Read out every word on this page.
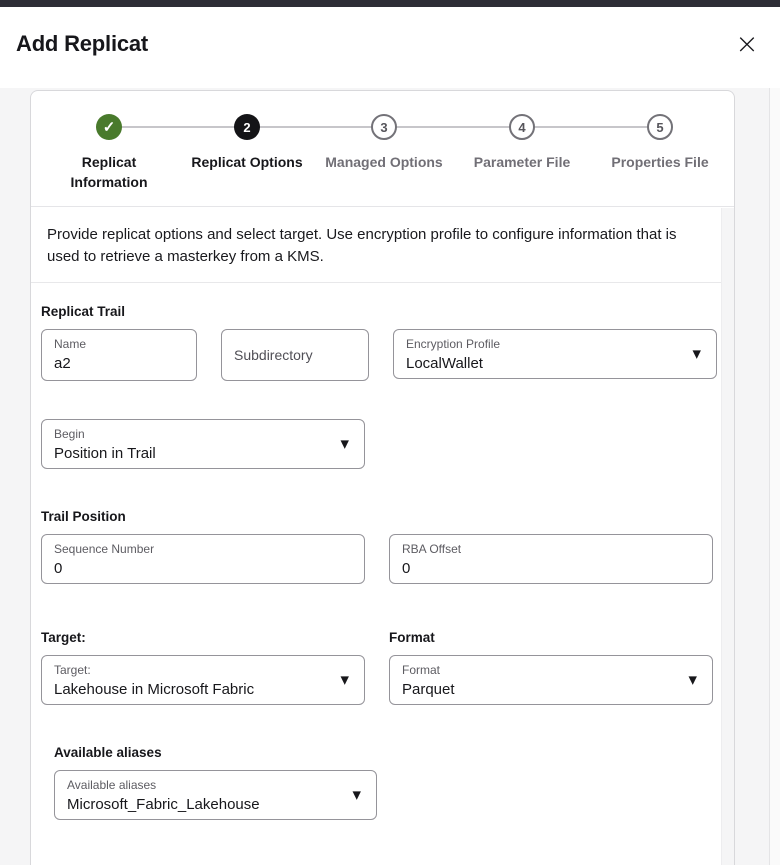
Add Replicat	×
✓
Replicat Information
2
Replicat Options
3
Managed Options
4
Parameter File
5
Properties File

Provide replicat options and select target. Use encryption profile to configure information that is used to retrieve a masterkey from a KMS.

Replicat Trail
Name
a2	Subdirectory
Encryption Profile
LocalWallet
▼
Begin
Position in Trail
▼
Trail Position
Sequence Number
0
RBA Offset
0
Target:	Format
Target:
Lakehouse in Microsoft Fabric
▼
Format
Parquet
▼
Available aliases
Available aliases
Microsoft_Fabric_Lakehouse
▼
